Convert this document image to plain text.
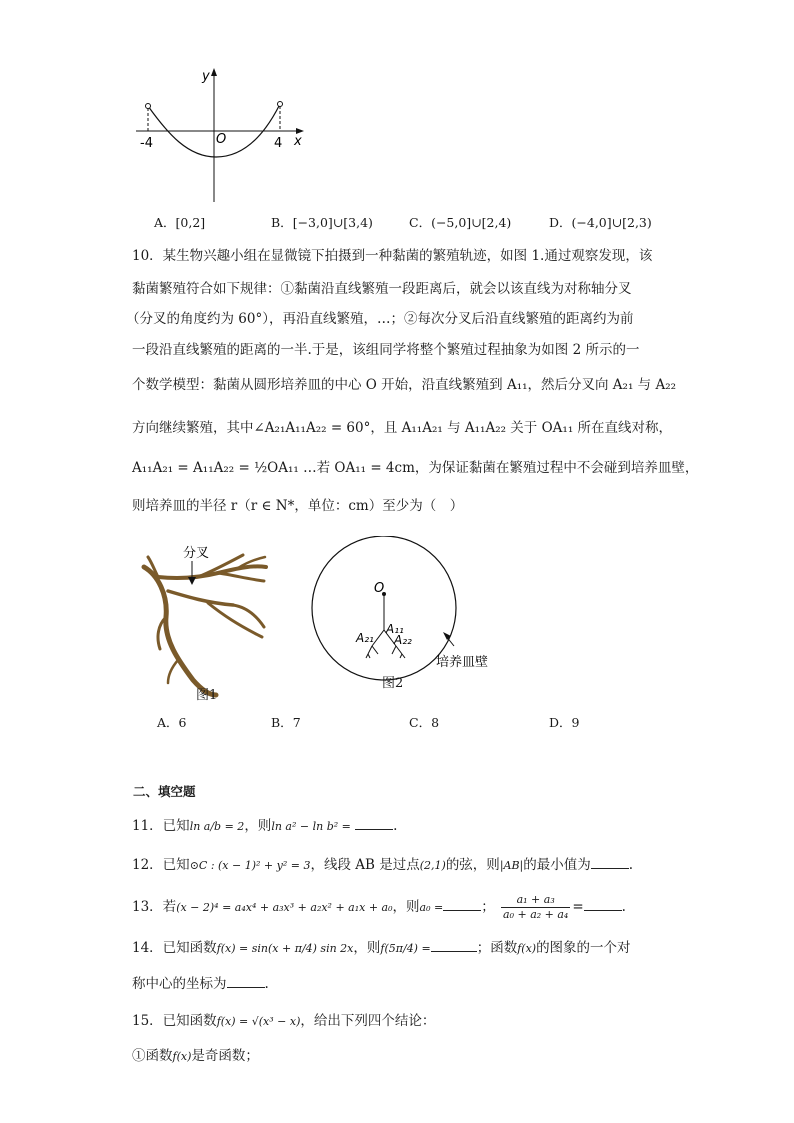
y
x
O
-4	4
A．[0,2]	B．[−3,0]∪[3,4)	C．(−5,0]∪[2,4)	D．(−4,0]∪[2,3)
10．某生物兴趣小组在显微镜下拍摄到一种黏菌的繁殖轨迹，如图 1.通过观察发现，该
黏菌繁殖符合如下规律：①黏菌沿直线繁殖一段距离后，就会以该直线为对称轴分叉
（分叉的角度约为 60°），再沿直线繁殖，…；②每次分叉后沿直线繁殖的距离约为前
一段沿直线繁殖的距离的一半.于是，该组同学将整个繁殖过程抽象为如图 2 所示的一
个数学模型：黏菌从圆形培养皿的中心 O 开始，沿直线繁殖到 A₁₁，然后分叉向 A₂₁ 与 A₂₂
方向继续繁殖，其中∠A₂₁A₁₁A₂₂ = 60°，且 A₁₁A₂₁ 与 A₁₁A₂₂ 关于 OA₁₁ 所在直线对称，
A₁₁A₂₁ = A₁₁A₂₂ = ½OA₁₁ …若 OA₁₁ = 4cm，为保证黏菌在繁殖过程中不会碰到培养皿壁，
则培养皿的半径 r（r ∈ N*，单位：cm）至少为（　）
分叉
图1
O
A₁₁
A₂₁ A₂₂
培养皿壁
图2
A．6	B．7	C．8	D．9
二、填空题
11．已知ln a/b = 2，则ln a² − ln b² =	.
12．已知⊙C : (x − 1)² + y² = 3，线段 AB 是过点(2,1)的弦，则|AB|的最小值为	.
13．若(x − 2)⁴ = a₄x⁴ + a₃x³ + a₂x² + a₁x + a₀，则a₀ =	； $\frac{\text{a₁ + a₃}}{\text{a₀ + a₂ + a₄}}$ =	.
14．已知函数f(x) = sin(x + π/4) sin 2x，则f(5π/4) =	；函数f(x)的图象的一个对
称中心的坐标为	.
15．已知函数f(x) = √(x³ − x)，给出下列四个结论：
①函数f(x)是奇函数；
